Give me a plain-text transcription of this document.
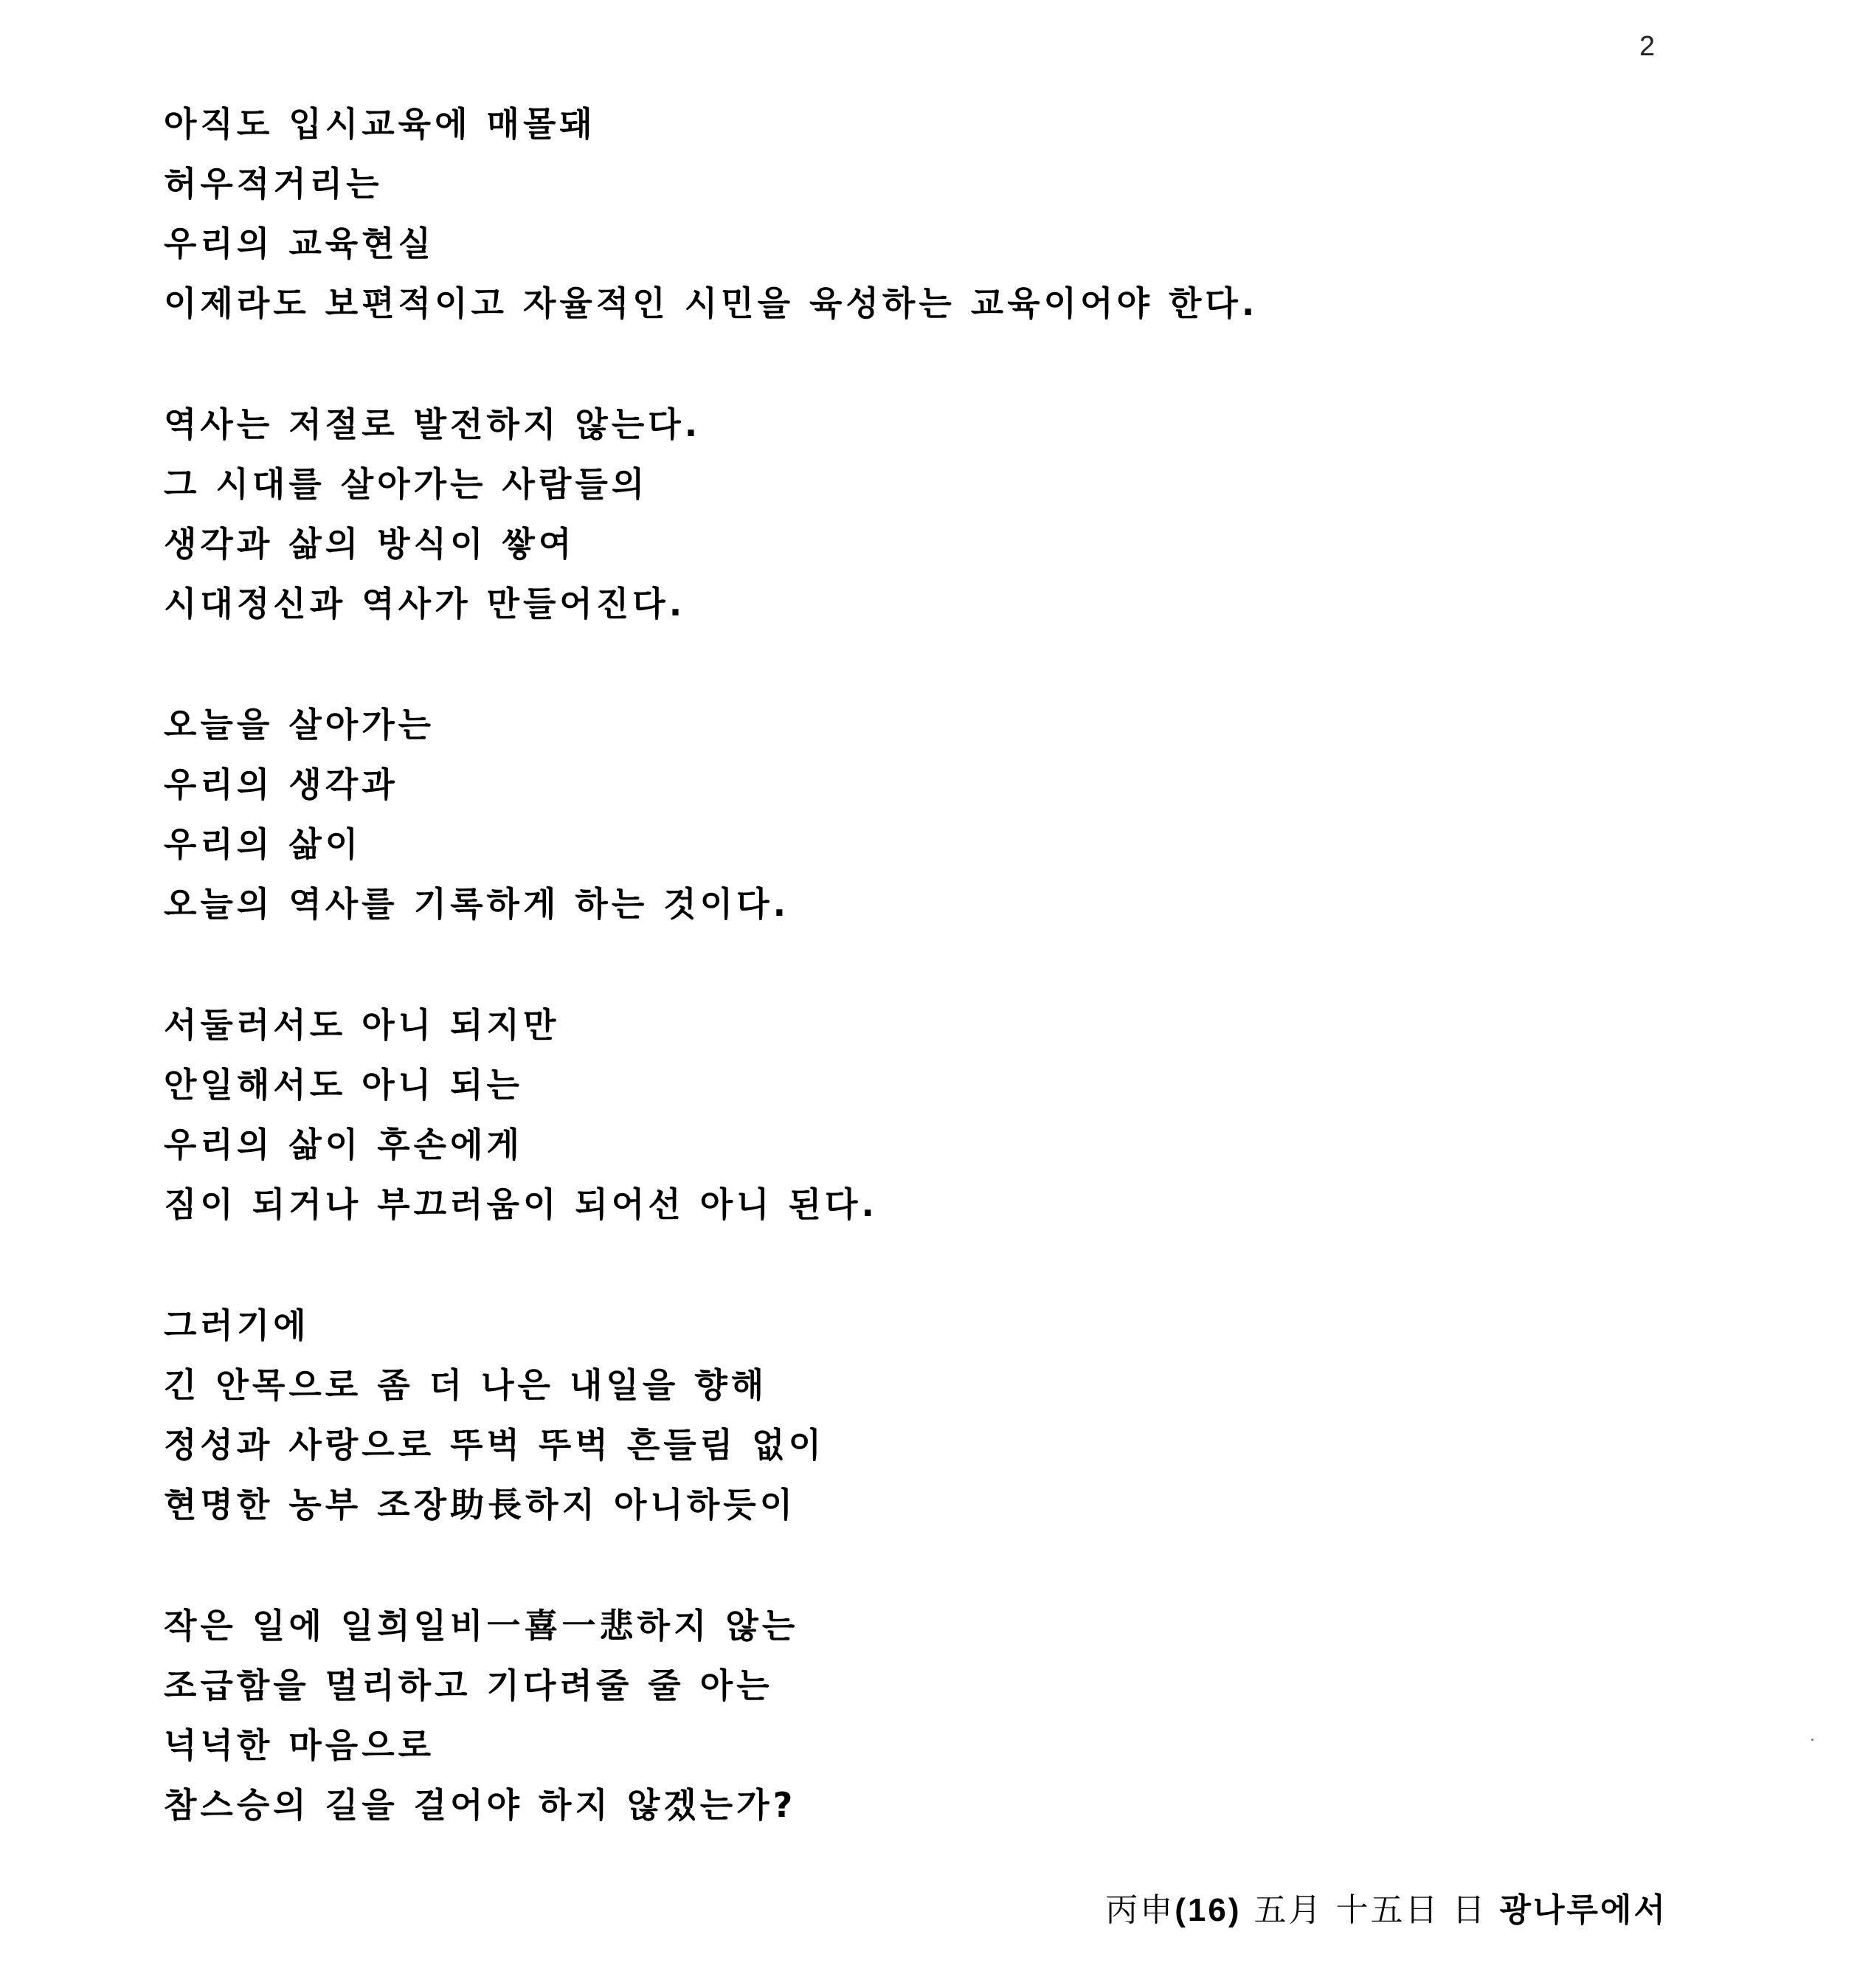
2
아직도 입시교육에 매몰돼
허우적거리는
우리의 교육현실
이제라도 보편적이고 자율적인 시민을 육성하는 교육이어야 한다.
역사는 저절로 발전하지 않는다.
그 시대를 살아가는 사람들의
생각과 삶의 방식이 쌓여
시대정신과 역사가 만들어진다.
오늘을 살아가는
우리의 생각과
우리의 삶이
오늘의 역사를 기록하게 하는 것이다.
서둘러서도 아니 되지만
안일해서도 아니 되는
우리의 삶이 후손에게
짐이 되거나 부끄러움이 되어선 아니 된다.
그러기에
긴 안목으로 좀 더 나은 내일을 향해
정성과 사랑으로 뚜벅 뚜벅 흔들림 없이
현명한 농부 조장助長하지 아니하듯이
작은 일에 일희일비一喜一悲하지 않는
조급함을 멀리하고 기다려줄 줄 아는
넉넉한 마음으로
참스승의 길을 걸어야 하지 않겠는가?
丙申(16) 五月 十五日 日 광나루에서
